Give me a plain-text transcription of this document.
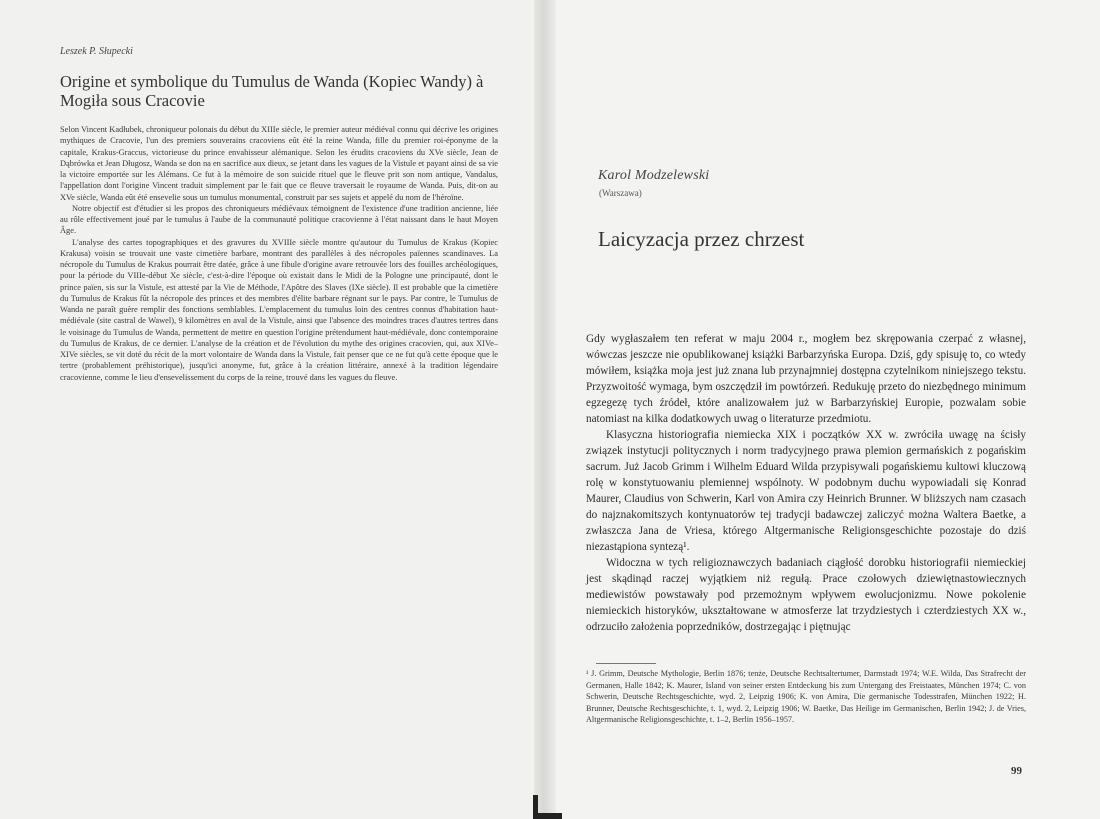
Leszek P. Słupecki
Origine et symbolique du Tumulus de Wanda (Kopiec Wandy) à Mogiła sous Cracovie

Selon Vincent Kadłubek, chroniqueur polonais du début du XIIIe siècle, le premier auteur médiéval connu qui décrive les origines mythiques de Cracovie, l'un des premiers souverains cracoviens eût été la reine Wanda, fille du premier roi-éponyme de la capitale, Krakus-Graccus, victorieuse du prince envahisseur alémanique. Selon les érudits cracoviens du XVe siècle, Jean de Dąbrówka et Jean Długosz, Wanda se don na en sacrifice aux dieux, se jetant dans les vagues de la Vistule et payant ainsi de sa vie la victoire emportée sur les Alémans. Ce fut à la mémoire de son suicide rituel que le fleuve prit son nom antique, Vandalus, l'appellation dont l'origine Vincent traduit simplement par le fait que ce fleuve traversait le royaume de Wanda. Puis, dit-on au XVe siècle, Wanda eût été ensevelie sous un tumulus monumental, construit par ses sujets et appelé du nom de l'héroïne.

Notre objectif est d'étudier si les propos des chroniqueurs médiévaux témoignent de l'existence d'une tradition ancienne, liée au rôle effectivement joué par le tumulus à l'aube de la communauté politique cracovienne à l'état naissant dans le haut Moyen Âge.

L'analyse des cartes topographiques et des gravures du XVIIIe siècle montre qu'autour du Tumulus de Krakus (Kopiec Krakusa) voisin se trouvait une vaste cimetière barbare, montrant des parallèles à des nécropoles païennes scandinaves. La nécropole du Tumulus de Krakus pourrait être datée, grâce à une fibule d'origine avare retrouvée lors des fouilles archéologiques, pour la période du VIIIe-début Xe siècle, c'est-à-dire l'époque où existait dans le Midi de la Pologne une principauté, dont le prince païen, sis sur la Vistule, est attesté par la Vie de Méthode, l'Apôtre des Slaves (IXe siècle). Il est probable que la cimetière du Tumulus de Krakus fût la nécropole des princes et des membres d'élite barbare régnant sur le pays. Par contre, le Tumulus de Wanda ne paraît guère remplir des fonctions semblables. L'emplacement du tumulus loin des centres connus d'habitation haut-médiévale (site castral de Wawel), 9 kilomètres en aval de la Vistule, ainsi que l'absence des moindres traces d'autres tertres dans le voisinage du Tumulus de Wanda, permettent de mettre en question l'origine prétendument haut-médiévale, donc contemporaine du Tumulus de Krakus, de ce dernier. L'analyse de la création et de l'évolution du mythe des origines cracovien, qui, aux XIVe–XIVe siècles, se vit doté du récit de la mort volontaire de Wanda dans la Vistule, fait penser que ce ne fut qu'à cette époque que le tertre (probablement préhistorique), jusqu'ici anonyme, fut, grâce à la création littéraire, annexé à la tradition légendaire cracovienne, comme le lieu d'ensevelissement du corps de la reine, trouvé dans les vagues du fleuve.

Karol Modzelewski
(Warszawa)
Laicyzacja przez chrzest

Gdy wygłaszałem ten referat w maju 2004 r., mogłem bez skrępowania czerpać z własnej, wówczas jeszcze nie opublikowanej książki Barbarzyńska Europa. Dziś, gdy spisuję to, co wtedy mówiłem, książka moja jest już znana lub przynajmniej dostępna czytelnikom niniejszego tekstu. Przyzwoitość wymaga, bym oszczędził im powtórzeń. Redukuję przeto do niezbędnego minimum egzegezę tych źródeł, które analizowałem już w Barbarzyńskiej Europie, pozwalam sobie natomiast na kilka dodatkowych uwag o literaturze przedmiotu.

Klasyczna historiografia niemiecka XIX i początków XX w. zwróciła uwagę na ścisły związek instytucji politycznych i norm tradycyjnego prawa plemion germańskich z pogańskim sacrum. Już Jacob Grimm i Wilhelm Eduard Wilda przypisywali pogańskiemu kultowi kluczową rolę w konstytuowaniu plemiennej wspólnoty. W podobnym duchu wypowiadali się Konrad Maurer, Claudius von Schwerin, Karl von Amira czy Heinrich Brunner. W bliższych nam czasach do najznakomitszych kontynuatorów tej tradycji badawczej zaliczyć można Waltera Baetke, a zwłaszcza Jana de Vriesa, którego Altgermanische Religionsgeschichte pozostaje do dziś niezastąpiona syntezą¹.

Widoczna w tych religioznawczych badaniach ciągłość dorobku historiografii niemieckiej jest skądinąd raczej wyjątkiem niż regułą. Prace czołowych dziewiętnastowiecznych mediewistów powstawały pod przemożnym wpływem ewolucjonizmu. Nowe pokolenie niemieckich historyków, ukształtowane w atmosferze lat trzydziestych i czterdziestych XX w., odrzuciło założenia poprzedników, dostrzegając i piętnując

¹ J. Grimm, Deutsche Mythologie, Berlin 1876; tenże, Deutsche Rechtsaltertumer, Darmstadt 1974; W.E. Wilda, Das Strafrecht der Germanen, Halle 1842; K. Maurer, Island von seiner ersten Entdeckung bis zum Untergang des Freistaates, München 1974; C. von Schwerin, Deutsche Rechtsgeschichte, wyd. 2, Leipzig 1906; K. von Amira, Die germanische Todesstrafen, München 1922; H. Brunner, Deutsche Rechtsgeschichte, t. 1, wyd. 2, Leipzig 1906; W. Baetke, Das Heilige im Germanischen, Berlin 1942; J. de Vries, Altgermanische Religionsgeschichte, t. 1–2, Berlin 1956–1957.
99
